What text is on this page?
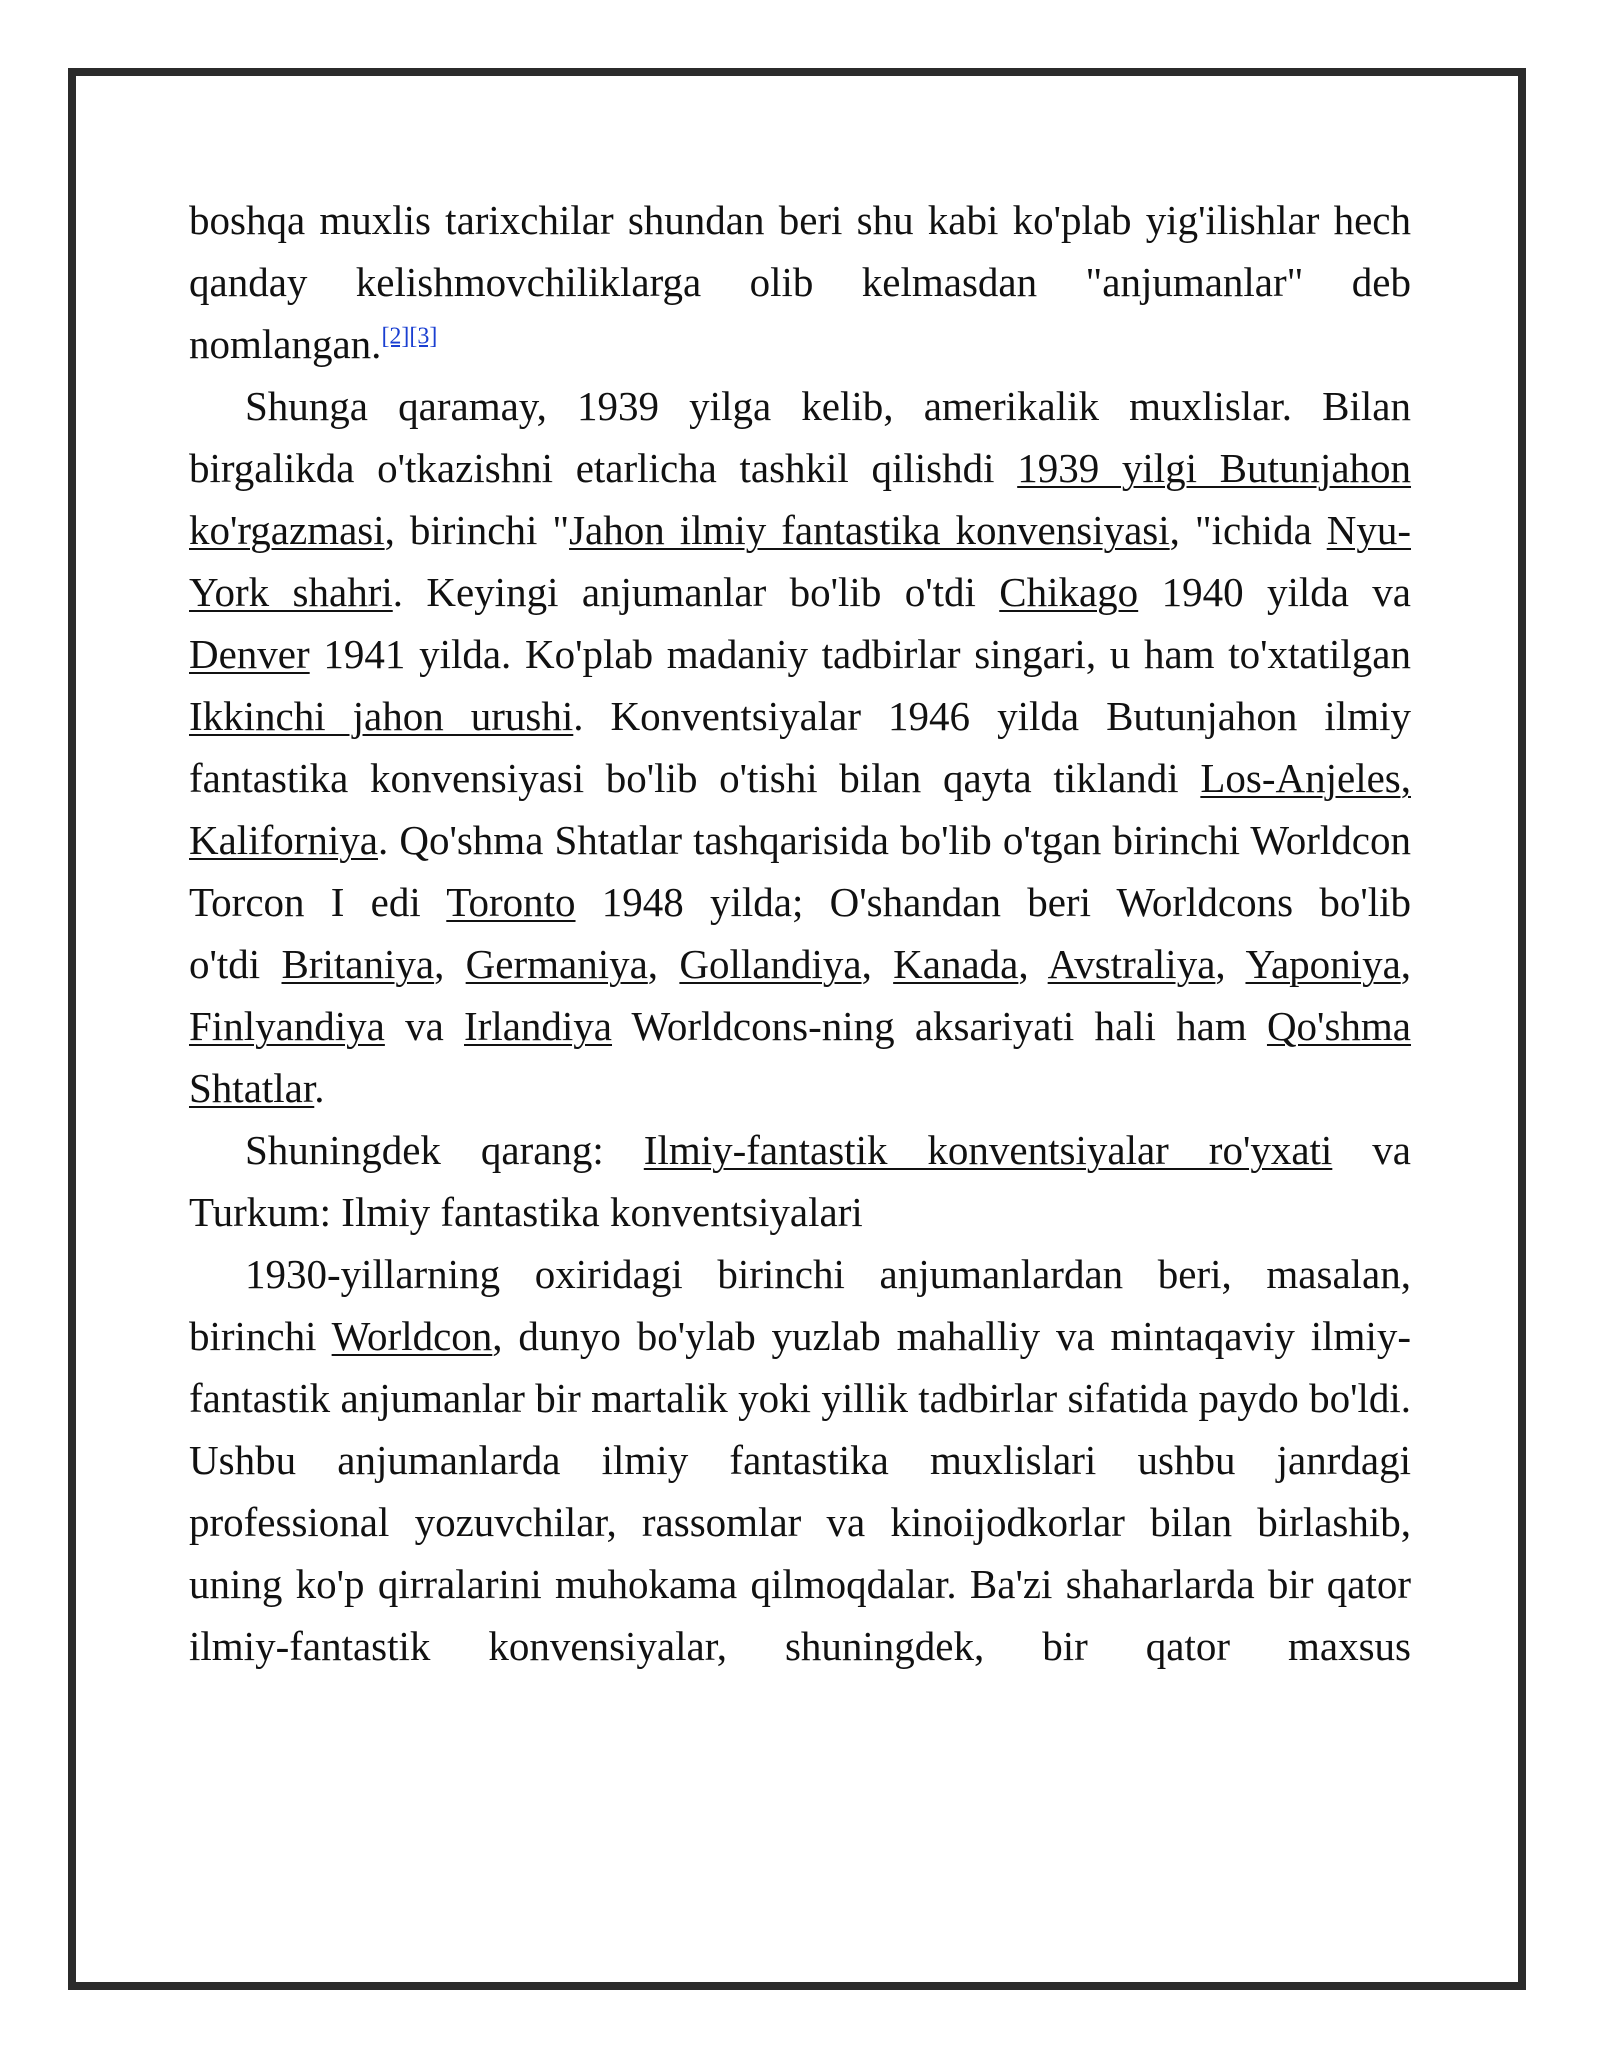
boshqa muxlis tarixchilar shundan beri shu kabi ko'plab yig'ilishlar hech qanday kelishmovchiliklarga olib kelmasdan "anjumanlar" deb nomlangan.[2][3]

Shunga qaramay, 1939 yilga kelib, amerikalik muxlislar. Bilan birgalikda o'tkazishni etarlicha tashkil qilishdi 1939 yilgi Butunjahon ko'rgazmasi, birinchi "Jahon ilmiy fantastika konvensiyasi, "ichida Nyu-York shahri. Keyingi anjumanlar bo'lib o'tdi Chikago 1940 yilda va Denver 1941 yilda. Ko'plab madaniy tadbirlar singari, u ham to'xtatilgan Ikkinchi jahon urushi. Konventsiyalar 1946 yilda Butunjahon ilmiy fantastika konvensiyasi bo'lib o'tishi bilan qayta tiklandi Los-Anjeles, Kaliforniya. Qo'shma Shtatlar tashqarisida bo'lib o'tgan birinchi Worldcon Torcon I edi Toronto 1948 yilda; O'shandan beri Worldcons bo'lib

o'tdi Britaniya, Germaniya, Gollandiya, Kanada, Avstraliya, Yaponiya, Finlyandiya va Irlandiya Worldcons-ning aksariyati hali ham Qo'shma Shtatlar.

Shuningdek qarang: Ilmiy-fantastik konventsiyalar ro'yxati va Turkum: Ilmiy fantastika konventsiyalari

1930-yillarning oxiridagi birinchi anjumanlardan beri, masalan, birinchi Worldcon, dunyo bo'ylab yuzlab mahalliy va mintaqaviy ilmiy-fantastik anjumanlar bir martalik yoki yillik tadbirlar sifatida paydo bo'ldi. Ushbu anjumanlarda ilmiy fantastika muxlislari ushbu janrdagi professional yozuvchilar, rassomlar va kinoijodkorlar bilan birlashib, uning ko'p qirralarini muhokama qilmoqdalar. Ba'zi shaharlarda bir qator ilmiy-fantastik konvensiyalar, shuningdek, bir qator maxsus
